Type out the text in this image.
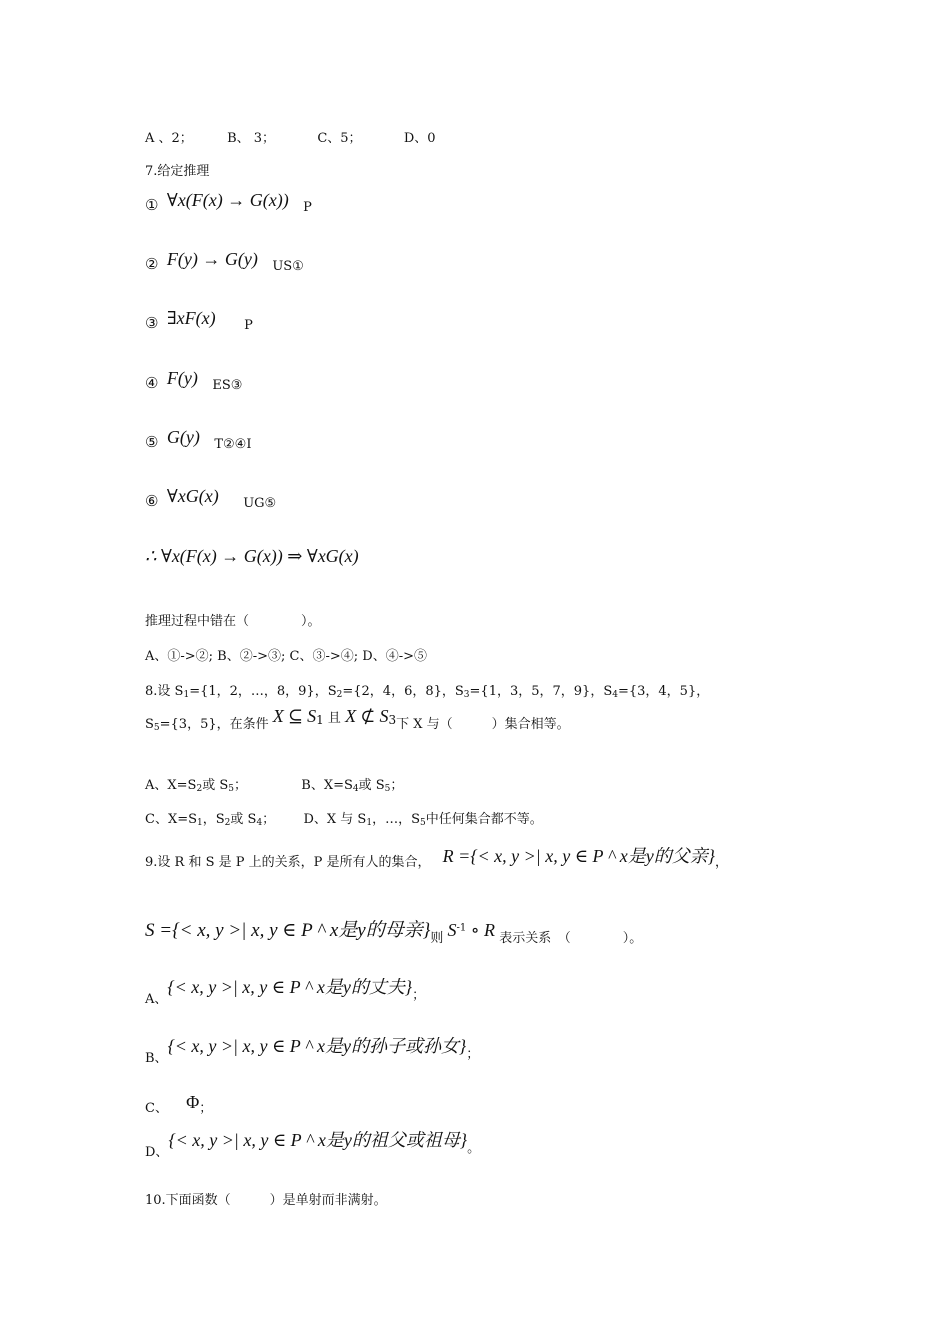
A 、2；	B、 3；	C、5；	D、0
7.给定推理
① ∀x(F(x) → G(x)) P
② F(y) → G(y) US①
③ ∃xF(x) P
④ F(y) ES③
⑤ G(y) T②④I
⑥ ∀xG(x) UG⑤
∴ ∀x(F(x) → G(x)) ⇒ ∀xG(x)
推理过程中错在（　　　　）。
A、①->②; B、②->③; C、③->④; D、④->⑤
8.设 $S_1=\{1$，2，…，8，9}，$S_2=\{2$，4，6，8}，$S_3=\{1$，3，5，7，9}，$S_4=\{3$，4，5}，
$S_5=\{3$，5}，在条件 X ⊆ S1 且 X ⊄ S3下 X 与（　　　）集合相等。
A、$X=S_2$或 $S_5$；	B、$X=S_4$或 $S_5$；
C、$X=S_1$，$S_2$或 $S_4$； D、X 与 $S_1$，…，$S_5$中任何集合都不等。
9.设 R 和 S 是 P 上的关系，P 是所有人的集合， R ={< x, y >| x, y ∈ P ^ x是y的父亲}，
S ={< x, y >| x, y ∈ P ^ x是y的母亲}则 $S^{-1}$ ∘ R 表示关系　（　　　　）。
A、{< x, y >| x, y ∈ P ^ x是y的丈夫}；
B、{< x, y >| x, y ∈ P ^ x是y的孙子或孙女}；
C、 Φ；
D、{< x, y >| x, y ∈ P ^ x是y的祖父或祖母}。
10.下面函数（　　　）是单射而非满射。
